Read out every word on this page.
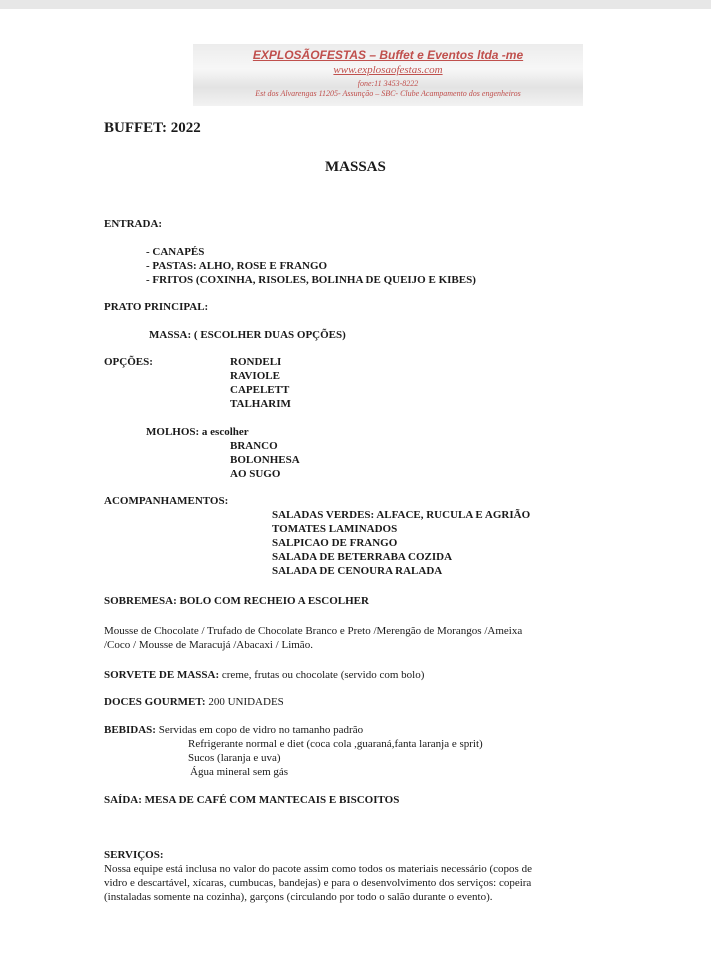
EXPLOSÃOFESTAS – Buffet e Eventos ltda -me
www.explosaofestas.com
fone:11 3453-8222
Est dos Alvarengas 11205- Assunção – SBC- Clube Acampamento dos engenheiros
BUFFET: 2022
MASSAS
ENTRADA:
- CANAPÉS
- PASTAS: ALHO, ROSE E FRANGO
- FRITOS (COXINHA, RISOLES, BOLINHA DE QUEIJO E KIBES)
PRATO PRINCIPAL:
MASSA: ( ESCOLHER DUAS OPÇÕES)
OPÇÕES:	RONDELI
RAVIOLE
CAPELETT
TALHARIM
MOLHOS: a escolher
BRANCO
BOLONHESA
AO SUGO
ACOMPANHAMENTOS:
SALADAS VERDES: ALFACE, RUCULA E AGRIÃO
TOMATES LAMINADOS
SALPICAO DE FRANGO
SALADA DE BETERRABA COZIDA
SALADA DE CENOURA RALADA
SOBREMESA: BOLO COM RECHEIO A ESCOLHER
Mousse de Chocolate / Trufado de Chocolate Branco e Preto /Merengão de Morangos /Ameixa
/Coco / Mousse de Maracujá /Abacaxi / Limão.
SORVETE DE MASSA: creme, frutas ou chocolate (servido com bolo)
DOCES GOURMET: 200 UNIDADES
BEBIDAS: Servidas em copo de vidro no tamanho padrão
Refrigerante normal e diet (coca cola ,guaraná,fanta laranja e sprit)
Sucos (laranja e uva)
Água mineral sem gás
SAÍDA: MESA DE CAFÉ COM MANTECAIS E BISCOITOS
SERVIÇOS:
Nossa equipe está inclusa no valor do pacote assim como todos os materiais necessário (copos de
vidro e descartável, xícaras, cumbucas, bandejas) e para o desenvolvimento dos serviços: copeira
(instaladas somente na cozinha), garçons (circulando por todo o salão durante o evento).
